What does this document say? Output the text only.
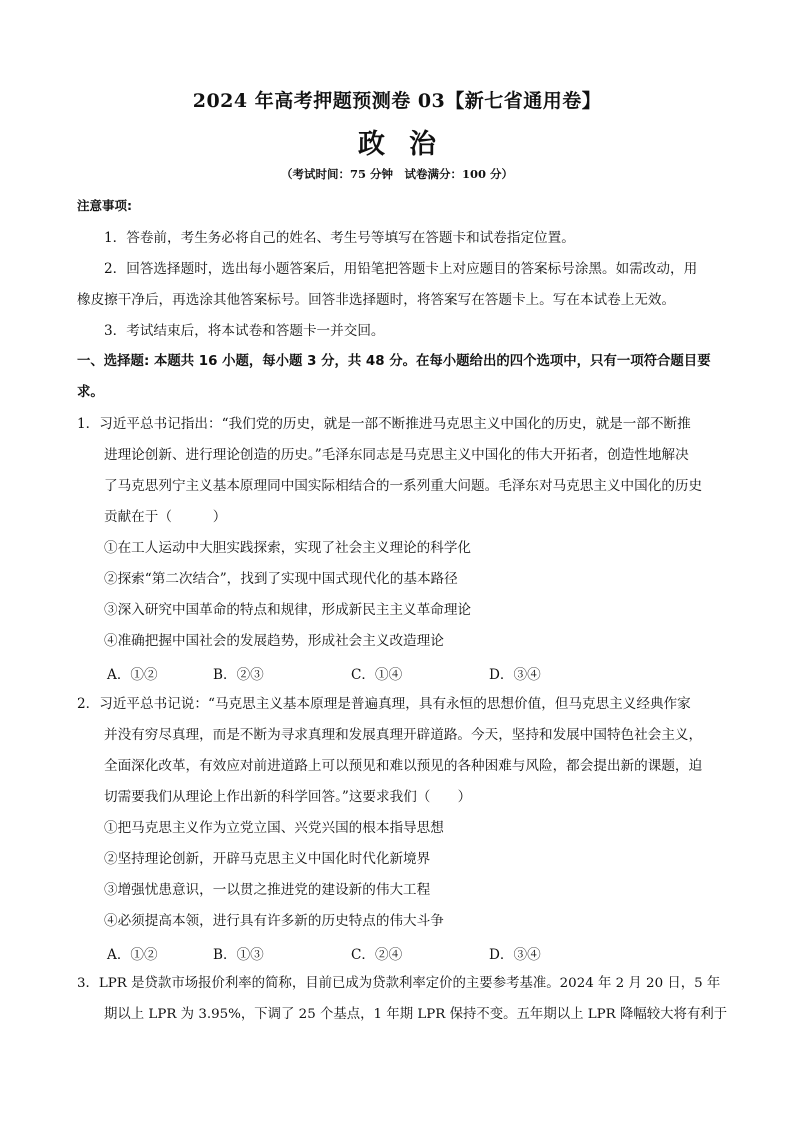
2024 年高考押题预测卷 03【新七省通用卷】
政治
（考试时间：75 分钟　试卷满分：100 分）
注意事项:
1．答卷前，考生务必将自己的姓名、考生号等填写在答题卡和试卷指定位置。
2．回答选择题时，选出每小题答案后，用铅笔把答题卡上对应题目的答案标号涂黑。如需改动，用
橡皮擦干净后，再选涂其他答案标号。回答非选择题时，将答案写在答题卡上。写在本试卷上无效。
3．考试结束后，将本试卷和答题卡一并交回。
一、选择题: 本题共 16 小题，每小题 3 分，共 48 分。在每小题给出的四个选项中，只有一项符合题目要
求。
1．习近平总书记指出：“我们党的历史，就是一部不断推进马克思主义中国化的历史，就是一部不断推
进理论创新、进行理论创造的历史。”毛泽东同志是马克思主义中国化的伟大开拓者，创造性地解决
了马克思列宁主义基本原理同中国实际相结合的一系列重大问题。毛泽东对马克思主义中国化的历史
贡献在于（　　　）
①在工人运动中大胆实践探索，实现了社会主义理论的科学化
②探索“第二次结合”，找到了实现中国式现代化的基本路径
③深入研究中国革命的特点和规律，形成新民主主义革命理论
④准确把握中国社会的发展趋势，形成社会主义改造理论
A．①②	B．②③	C．①④	D．③④
2．习近平总书记说：“马克思主义基本原理是普遍真理，具有永恒的思想价值，但马克思主义经典作家
并没有穷尽真理，而是不断为寻求真理和发展真理开辟道路。今天，坚持和发展中国特色社会主义，
全面深化改革，有效应对前进道路上可以预见和难以预见的各种困难与风险，都会提出新的课题，迫
切需要我们从理论上作出新的科学回答。”这要求我们（　　）
①把马克思主义作为立党立国、兴党兴国的根本指导思想
②坚持理论创新，开辟马克思主义中国化时代化新境界
③增强忧患意识，一以贯之推进党的建设新的伟大工程
④必须提高本领，进行具有许多新的历史特点的伟大斗争
A．①②	B．①③	C．②④	D．③④
3．LPR 是贷款市场报价利率的简称，目前已成为贷款利率定价的主要参考基准。2024 年 2 月 20 日，5 年
期以上 LPR 为 3.95%，下调了 25 个基点，1 年期 LPR 保持不变。五年期以上 LPR 降幅较大将有利于
